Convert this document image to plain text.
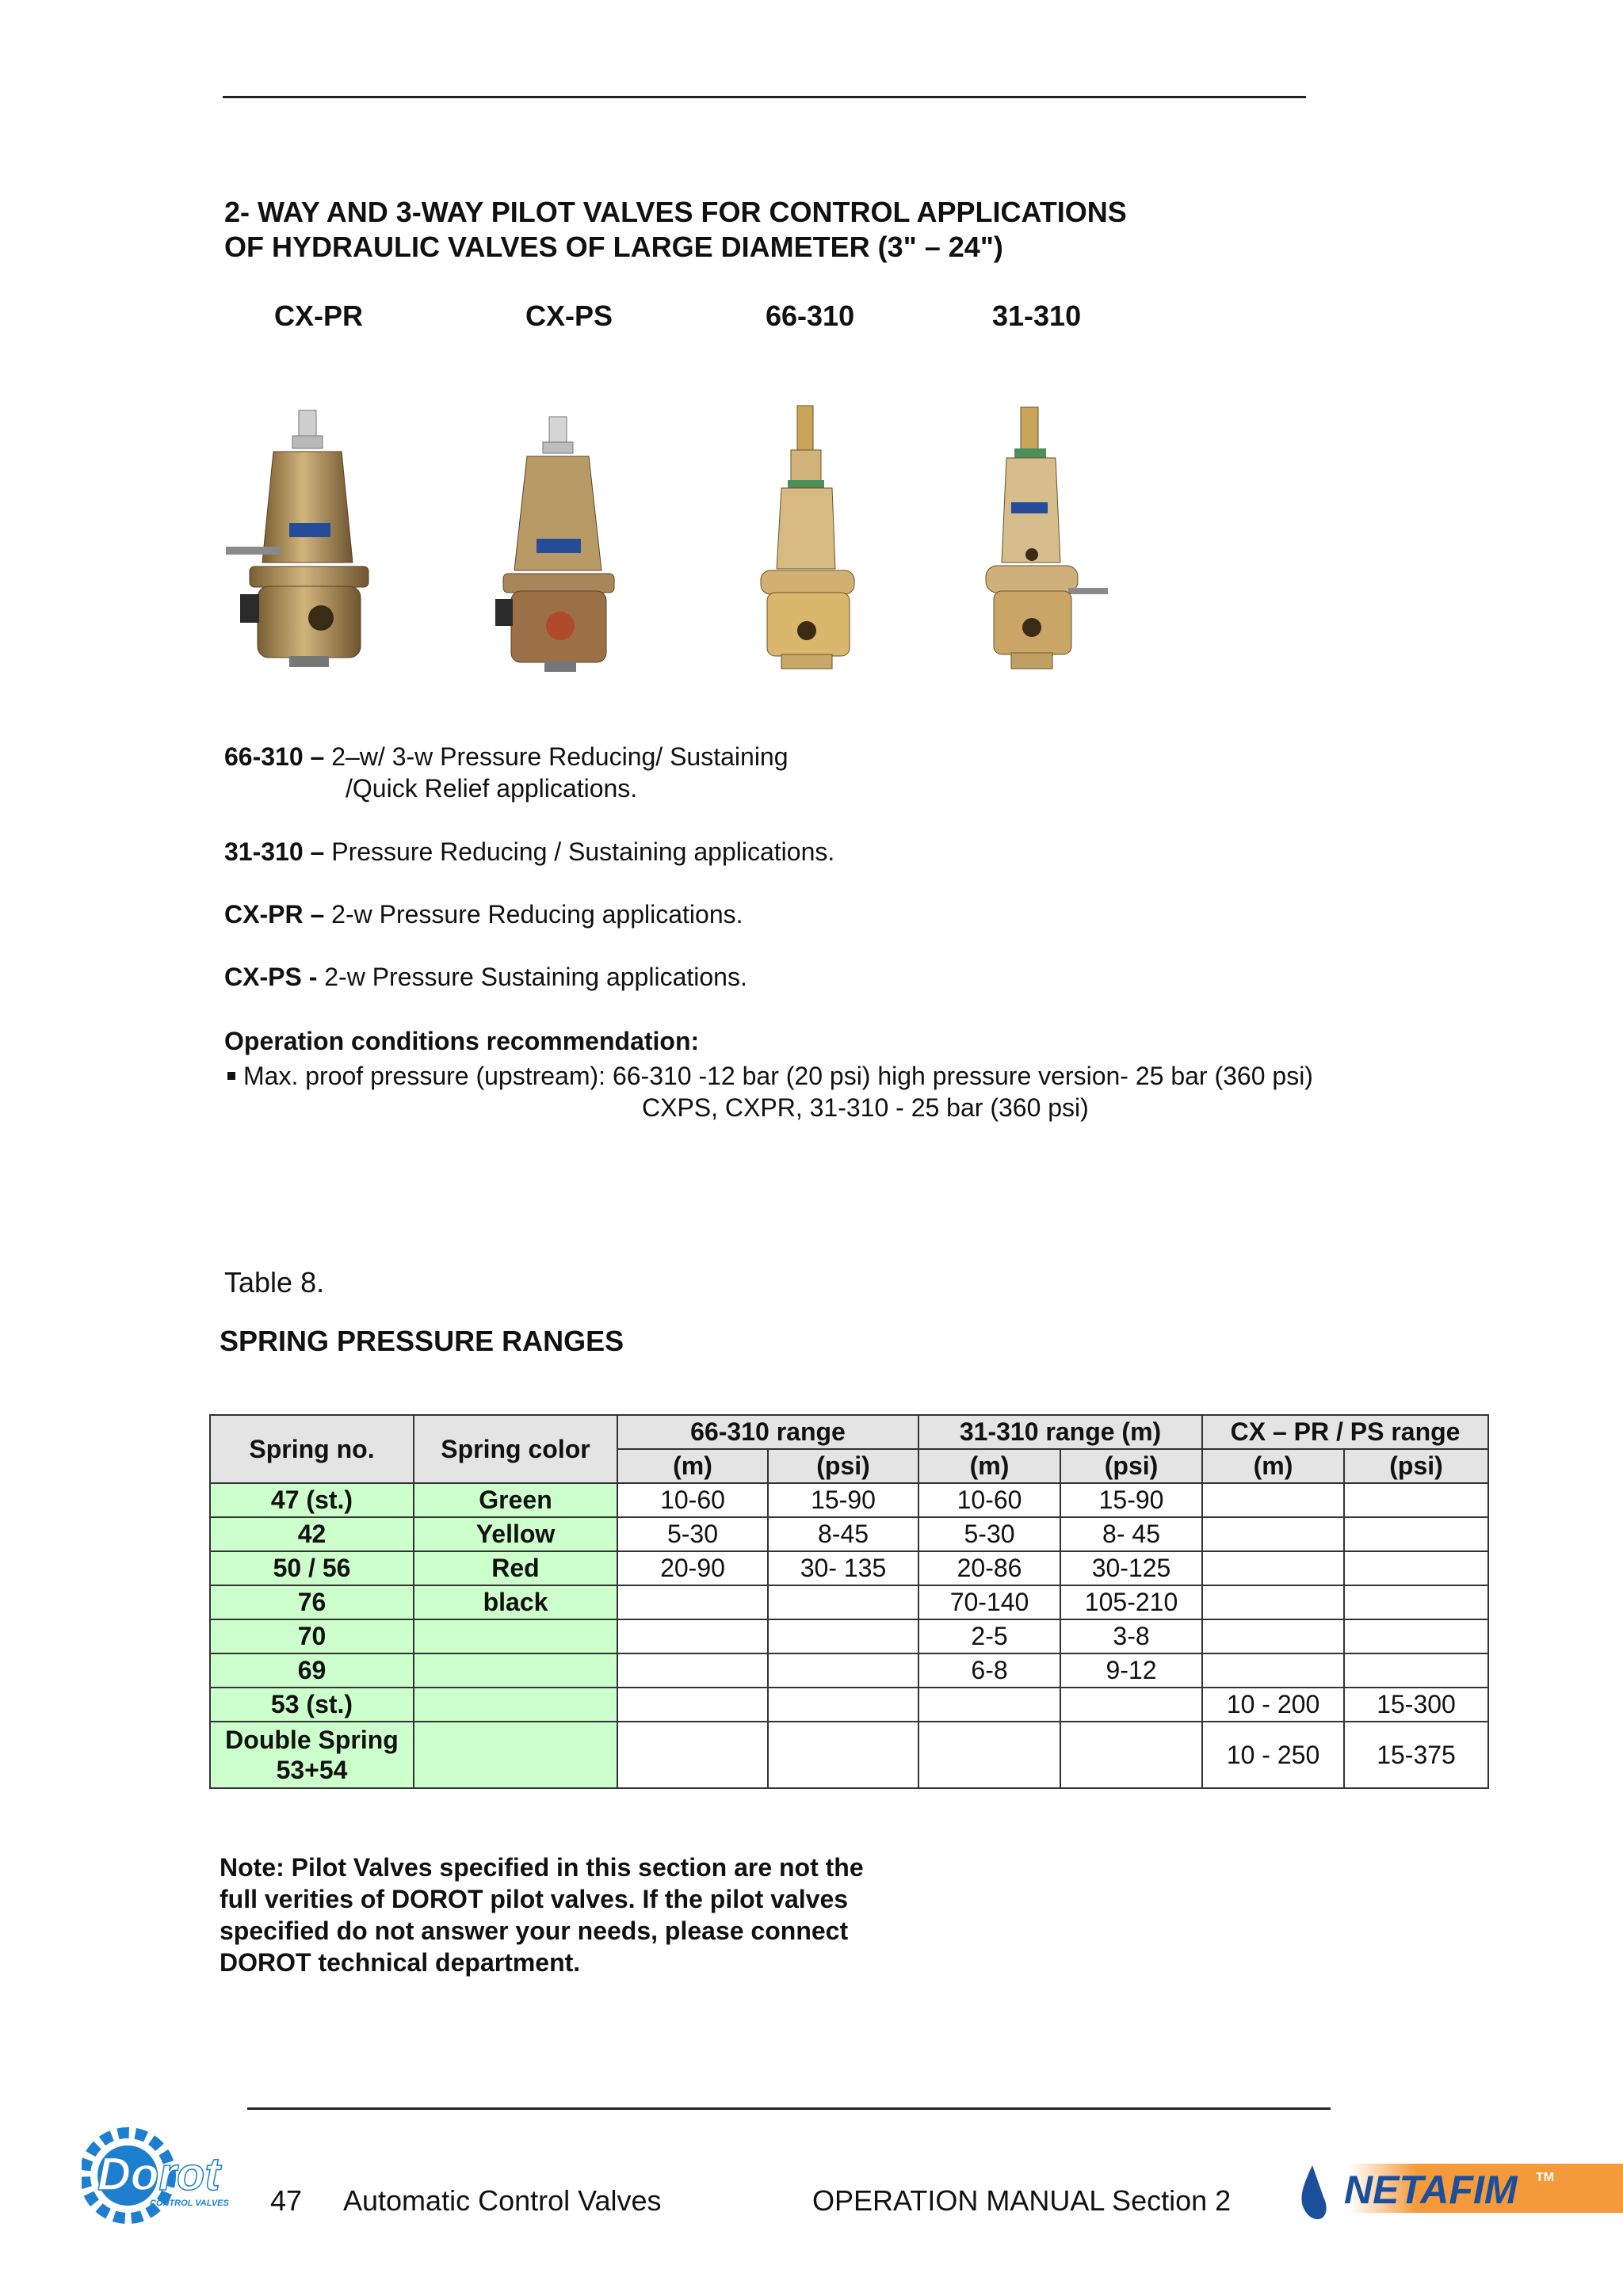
2- WAY AND 3-WAY PILOT VALVES FOR CONTROL APPLICATIONS
OF HYDRAULIC VALVES OF LARGE DIAMETER (3" – 24")
CX-PR	CX-PS	66-310	31-310
66-310 – 2–w/ 3-w Pressure Reducing/ Sustaining
/Quick Relief applications.
31-310 – Pressure Reducing / Sustaining applications.
CX-PR – 2-w Pressure Reducing applications.
CX-PS - 2-w Pressure Sustaining applications.
Operation conditions recommendation:
Max. proof pressure (upstream): 66-310 -12 bar (20 psi) high pressure version- 25 bar (360 psi)
CXPS, CXPR, 31-310 - 25 bar (360 psi)
Table 8.
SPRING PRESSURE RANGES
Spring no.	Spring color	66-310 range		31-310 range (m)		CX – PR / PS range	
		(m)	(psi)	(m)	(psi)	(m)	(psi)
47 (st.)	Green	10-60	15-90	10-60	15-90		
42	Yellow	5-30	8-45	5-30	8- 45		
50 / 56	Red	20-90	30- 135	20-86	30-125		
76	black			70-140	105-210		
70				2-5	3-8		
69				6-8	9-12		
53 (st.)						10 - 200	15-300
Double Spring 53+54						10 - 250	15-375
Note: Pilot Valves specified in this section are not the full verities of DOROT pilot valves. If the pilot valves specified do not answer your needs, please connect DOROT technical department.
Dorot
CONTROL VALVES 47 Automatic Control Valves	OPERATION MANUAL Section 2	NETAFIM TM
